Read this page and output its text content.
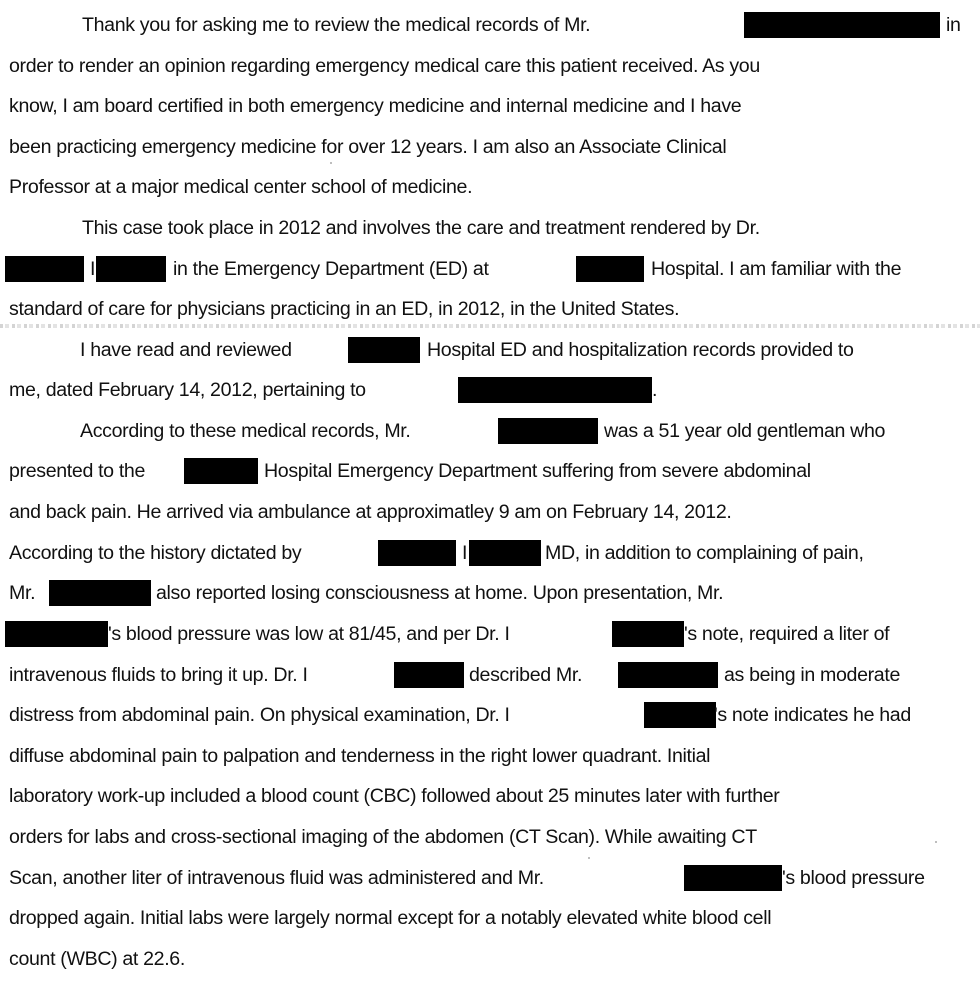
Thank you for asking me to review the medical records of Mr.	in
order to render an opinion regarding emergency medical care this patient received. As you
know, I am board certified in both emergency medicine and internal medicine and I have
been practicing emergency medicine for over 12 years. I am also an Associate Clinical
Professor at a major medical center school of medicine.
This case took place in 2012 and involves the care and treatment rendered by Dr.
I	in the Emergency Department (ED) at	Hospital. I am familiar with the
standard of care for physicians practicing in an ED, in 2012, in the United States.
I have read and reviewed	Hospital ED and hospitalization records provided to
me, dated February 14, 2012, pertaining to	.
According to these medical records, Mr.	was a 51 year old gentleman who
presented to the	Hospital Emergency Department suffering from severe abdominal
and back pain. He arrived via ambulance at approximatley 9 am on February 14, 2012.
According to the history dictated by	I	MD, in addition to complaining of pain,
Mr.	also reported losing consciousness at home. Upon presentation, Mr.
's blood pressure was low at 81/45, and per Dr. I	's note, required a liter of
intravenous fluids to bring it up. Dr. I	described Mr.	as being in moderate
distress from abdominal pain. On physical examination, Dr. I	's note indicates he had
diffuse abdominal pain to palpation and tenderness in the right lower quadrant. Initial
laboratory work-up included a blood count (CBC) followed about 25 minutes later with further
orders for labs and cross-sectional imaging of the abdomen (CT Scan). While awaiting CT
Scan, another liter of intravenous fluid was administered and Mr.	's blood pressure
dropped again. Initial labs were largely normal except for a notably elevated white blood cell
count (WBC) at 22.6.
